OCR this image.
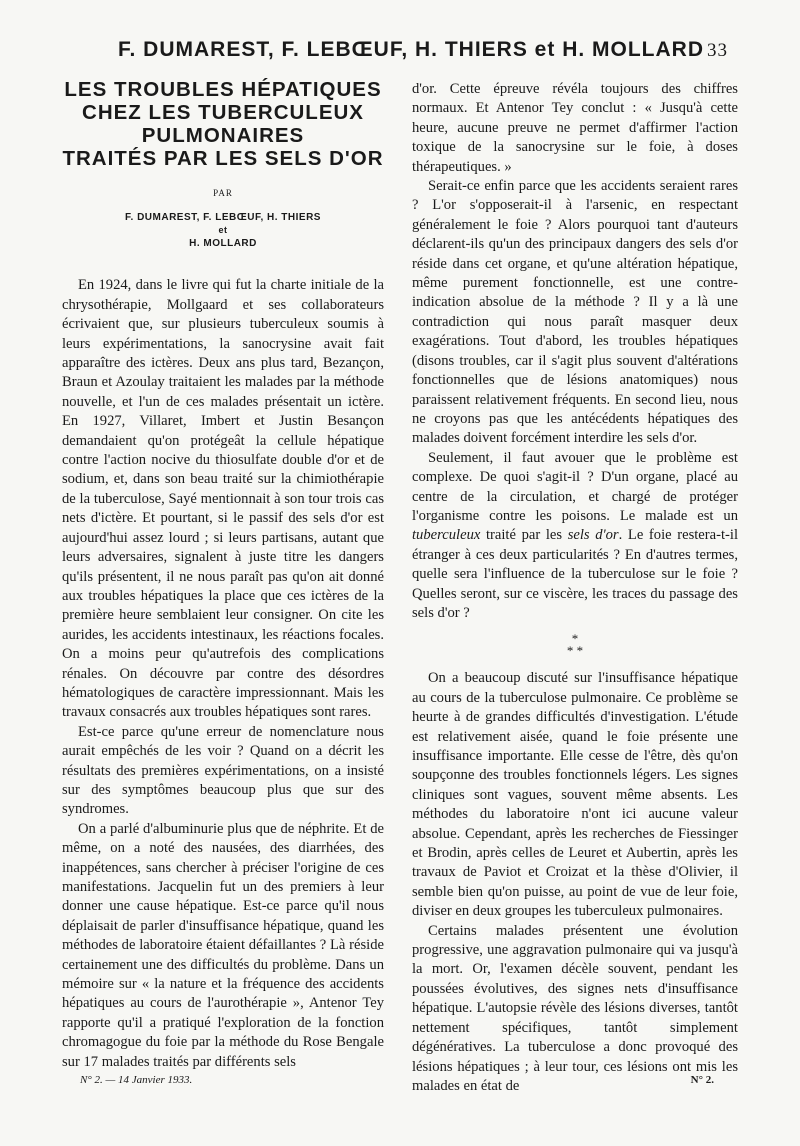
F. DUMAREST, F. LEBŒUF, H. THIERS et H. MOLLARD 33
LES TROUBLES HÉPATIQUES
CHEZ LES TUBERCULEUX
PULMONAIRES
TRAITÉS PAR LES SELS D'OR
PAR
F. DUMAREST, F. LEBŒUF, H. THIERS
et
H. MOLLARD

En 1924, dans le livre qui fut la charte initiale de la chrysothérapie, Mollgaard et ses collaborateurs écrivaient que, sur plusieurs tuberculeux soumis à leurs expérimentations, la sanocrysine avait fait apparaître des ictères. Deux ans plus tard, Bezançon, Braun et Azoulay traitaient les malades par la méthode nouvelle, et l'un de ces malades présentait un ictère. En 1927, Villaret, Imbert et Justin Besançon demandaient qu'on protégeât la cellule hépatique contre l'action nocive du thiosulfate double d'or et de sodium, et, dans son beau traité sur la chimiothérapie de la tuberculose, Sayé mentionnait à son tour trois cas nets d'ictère. Et pourtant, si le passif des sels d'or est aujourd'hui assez lourd ; si leurs partisans, autant que leurs adversaires, signalent à juste titre les dangers qu'ils présentent, il ne nous paraît pas qu'on ait donné aux troubles hépatiques la place que ces ictères de la première heure semblaient leur consigner. On cite les aurides, les accidents intestinaux, les réactions focales. On a moins peur qu'autrefois des complications rénales. On découvre par contre des désordres hématologiques de caractère impressionnant. Mais les travaux consacrés aux troubles hépatiques sont rares.

Est-ce parce qu'une erreur de nomenclature nous aurait empêchés de les voir ? Quand on a décrit les résultats des premières expérimentations, on a insisté sur des symptômes beaucoup plus que sur des syndromes.

On a parlé d'albuminurie plus que de néphrite. Et de même, on a noté des nausées, des diarrhées, des inappétences, sans chercher à préciser l'origine de ces manifestations. Jacquelin fut un des premiers à leur donner une cause hépatique. Est-ce parce qu'il nous déplaisait de parler d'insuffisance hépatique, quand les méthodes de laboratoire étaient défaillantes ? Là réside certainement une des difficultés du problème. Dans un mémoire sur « la nature et la fréquence des accidents hépatiques au cours de l'aurothérapie », Antenor Tey rapporte qu'il a pratiqué l'exploration de la fonction chromagogue du foie par la méthode du Rose Bengale sur 17 malades traités par différents sels

d'or. Cette épreuve révéla toujours des chiffres normaux. Et Antenor Tey conclut : « Jusqu'à cette heure, aucune preuve ne permet d'affirmer l'action toxique de la sanocrysine sur le foie, à doses thérapeutiques. »

Serait-ce enfin parce que les accidents seraient rares ? L'or s'opposerait-il à l'arsenic, en respectant généralement le foie ? Alors pourquoi tant d'auteurs déclarent-ils qu'un des principaux dangers des sels d'or réside dans cet organe, et qu'une altération hépatique, même purement fonctionnelle, est une contre-indication absolue de la méthode ? Il y a là une contradiction qui nous paraît masquer deux exagérations. Tout d'abord, les troubles hépatiques (disons troubles, car il s'agit plus souvent d'altérations fonctionnelles que de lésions anatomiques) nous paraissent relativement fréquents. En second lieu, nous ne croyons pas que les antécédents hépatiques des malades doivent forcément interdire les sels d'or.

Seulement, il faut avouer que le problème est complexe. De quoi s'agit-il ? D'un organe, placé au centre de la circulation, et chargé de protéger l'organisme contre les poisons. Le malade est un tuberculeux traité par les sels d'or. Le foie restera-t-il étranger à ces deux particularités ? En d'autres termes, quelle sera l'influence de la tuberculose sur le foie ? Quelles seront, sur ce viscère, les traces du passage des sels d'or ?

*
* *

On a beaucoup discuté sur l'insuffisance hépatique au cours de la tuberculose pulmonaire. Ce problème se heurte à de grandes difficultés d'investigation. L'étude est relativement aisée, quand le foie présente une insuffisance importante. Elle cesse de l'être, dès qu'on soupçonne des troubles fonctionnels légers. Les signes cliniques sont vagues, souvent même absents. Les méthodes du laboratoire n'ont ici aucune valeur absolue. Cependant, après les recherches de Fiessinger et Brodin, après celles de Leuret et Aubertin, après les travaux de Paviot et Croizat et la thèse d'Olivier, il semble bien qu'on puisse, au point de vue de leur foie, diviser en deux groupes les tuberculeux pulmonaires.

Certains malades présentent une évolution progressive, une aggravation pulmonaire qui va jusqu'à la mort. Or, l'examen décèle souvent, pendant les poussées évolutives, des signes nets d'insuffisance hépatique. L'autopsie révèle des lésions diverses, tantôt nettement spécifiques, tantôt simplement dégénératives. La tuberculose a donc provoqué des lésions hépatiques ; à leur tour, ces lésions ont mis les malades en état de

N° 2. — 14 Janvier 1933.	N° 2.
